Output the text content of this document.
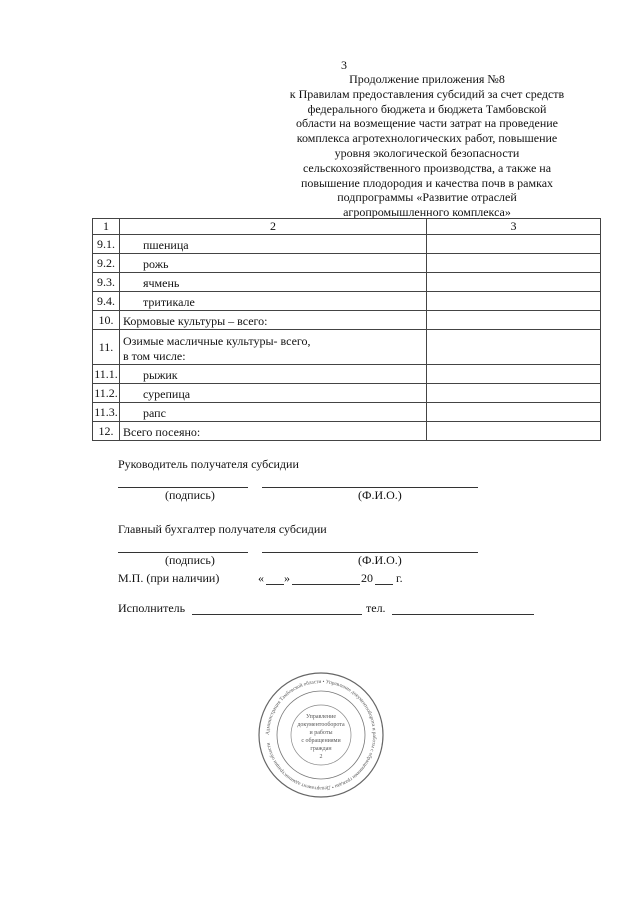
3
Продолжение приложения №8
к Правилам предоставления субсидий за счет средств
федерального бюджета и бюджета Тамбовской
области на возмещение части затрат на проведение
комплекса агротехнологических работ, повышение
уровня экологической безопасности
сельскохозяйственного производства, а также на
повышение плодородия и качества почв в рамках
подпрограммы «Развитие отраслей
агропромышленного комплекса»
1	2	3
9.1.	пшеница	
9.2.	рожь	
9.3.	ячмень	
9.4.	тритикале	
10.	Кормовые культуры – всего:	
11.	Озимые масличные культуры- всего,
в том числе:	

11.1.	рыжик	
11.2.	сурепица	
11.3.	рапс	
12.	Всего посеяно:	
Руководитель получателя субсидии
(подпись)	(Ф.И.О.)
Главный бухгалтер получателя субсидии
(подпись)	(Ф.И.О.)
М.П. (при наличии)	« »	20 г.
Исполнитель	тел.
Администрация Тамбовской области • Управление документооборота и работы с обращениями граждан • Департамент администрации области
Управление
документооборота
и работы
с обращениями
граждан
2
